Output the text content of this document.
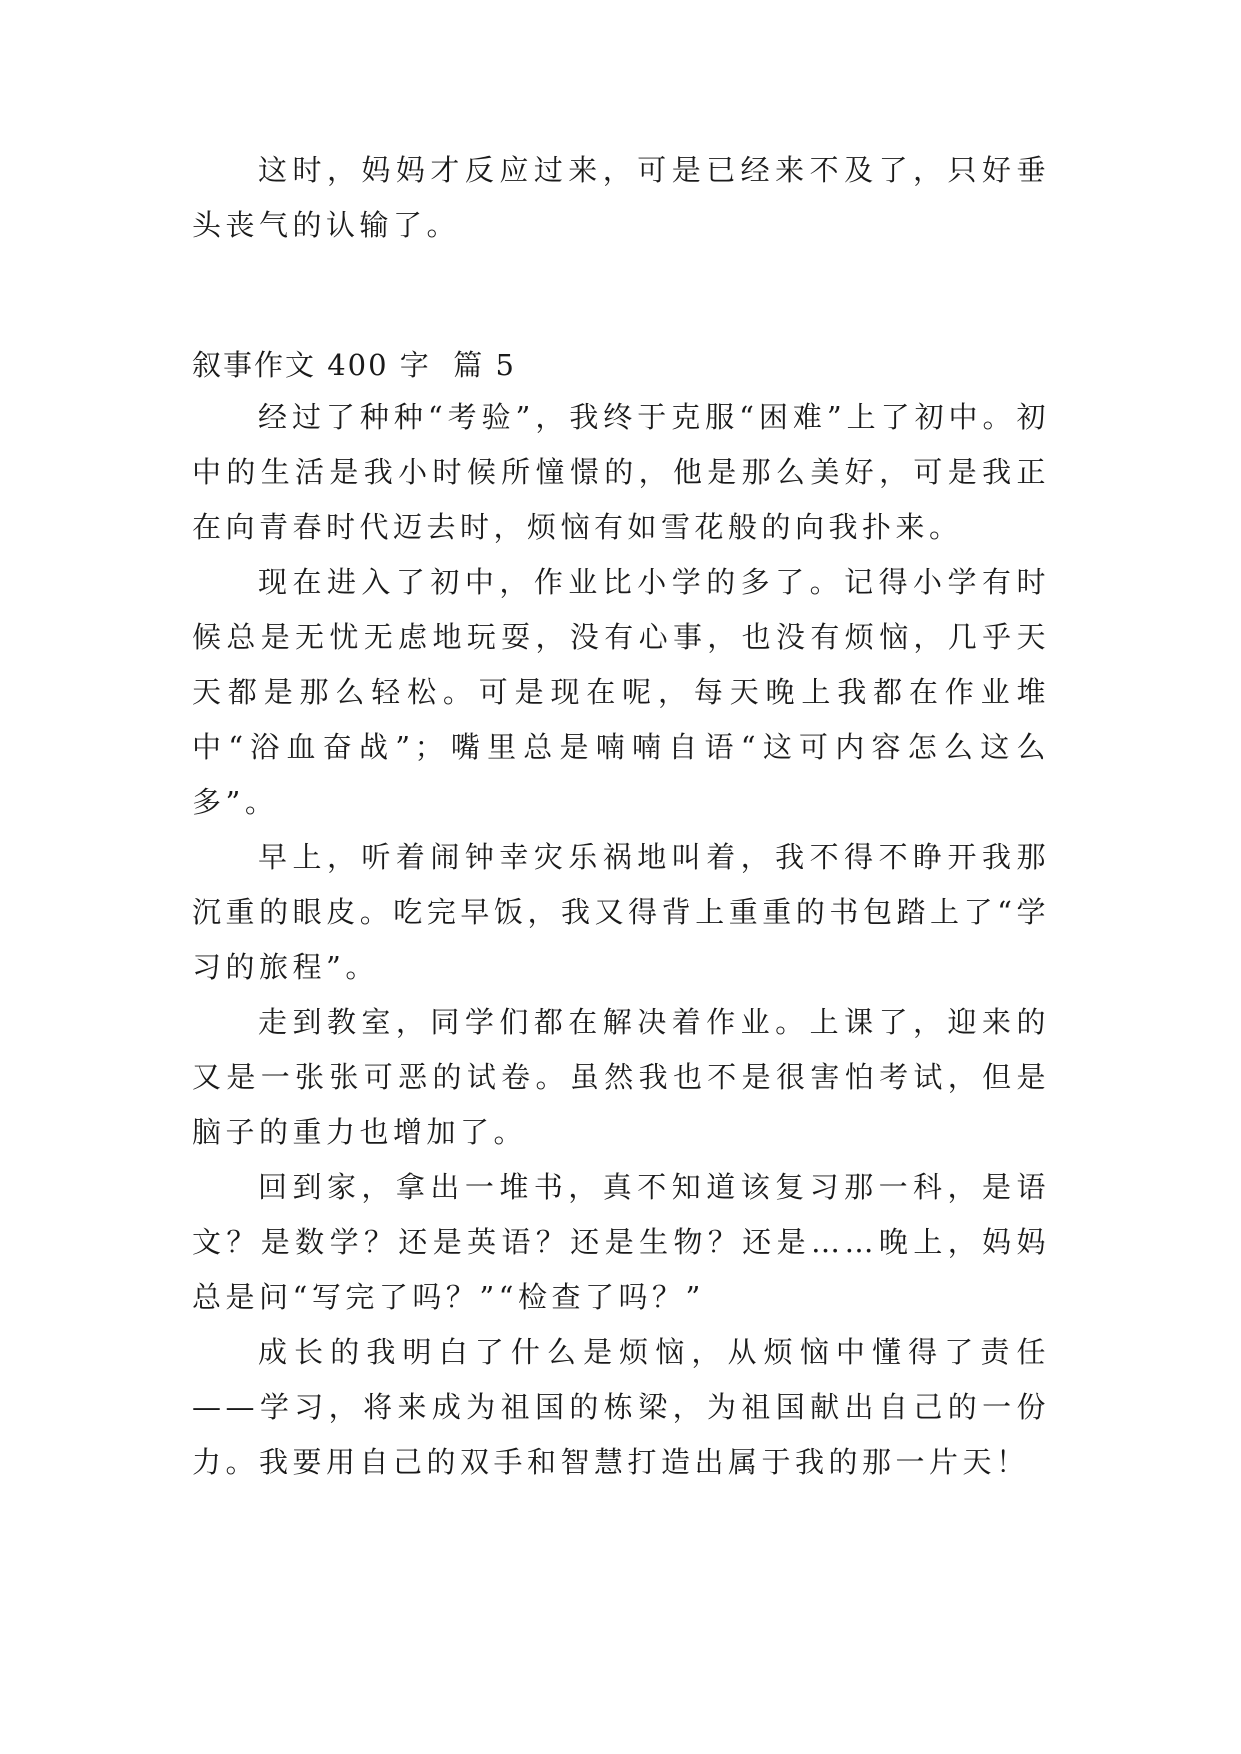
这时，妈妈才反应过来，可是已经来不及了，只好垂头丧气的认输了。

叙事作文 400 字  篇 5

经过了种种“考验”，我终于克服“困难”上了初中。初中的生活是我小时候所憧憬的，他是那么美好，可是我正在向青春时代迈去时，烦恼有如雪花般的向我扑来。

现在进入了初中，作业比小学的多了。记得小学有时候总是无忧无虑地玩耍，没有心事，也没有烦恼，几乎天天都是那么轻松。可是现在呢，每天晚上我都在作业堆中“浴血奋战”；嘴里总是喃喃自语“这可内容怎么这么多”。

早上，听着闹钟幸灾乐祸地叫着，我不得不睁开我那沉重的眼皮。吃完早饭，我又得背上重重的书包踏上了“学习的旅程”。

走到教室，同学们都在解决着作业。上课了，迎来的又是一张张可恶的试卷。虽然我也不是很害怕考试，但是脑子的重力也增加了。

回到家，拿出一堆书，真不知道该复习那一科，是语文？是数学？还是英语？还是生物？还是……晚上，妈妈总是问“写完了吗？”“检查了吗？”

成长的我明白了什么是烦恼，从烦恼中懂得了责任——学习，将来成为祖国的栋梁，为祖国献出自己的一份力。我要用自己的双手和智慧打造出属于我的那一片天！
